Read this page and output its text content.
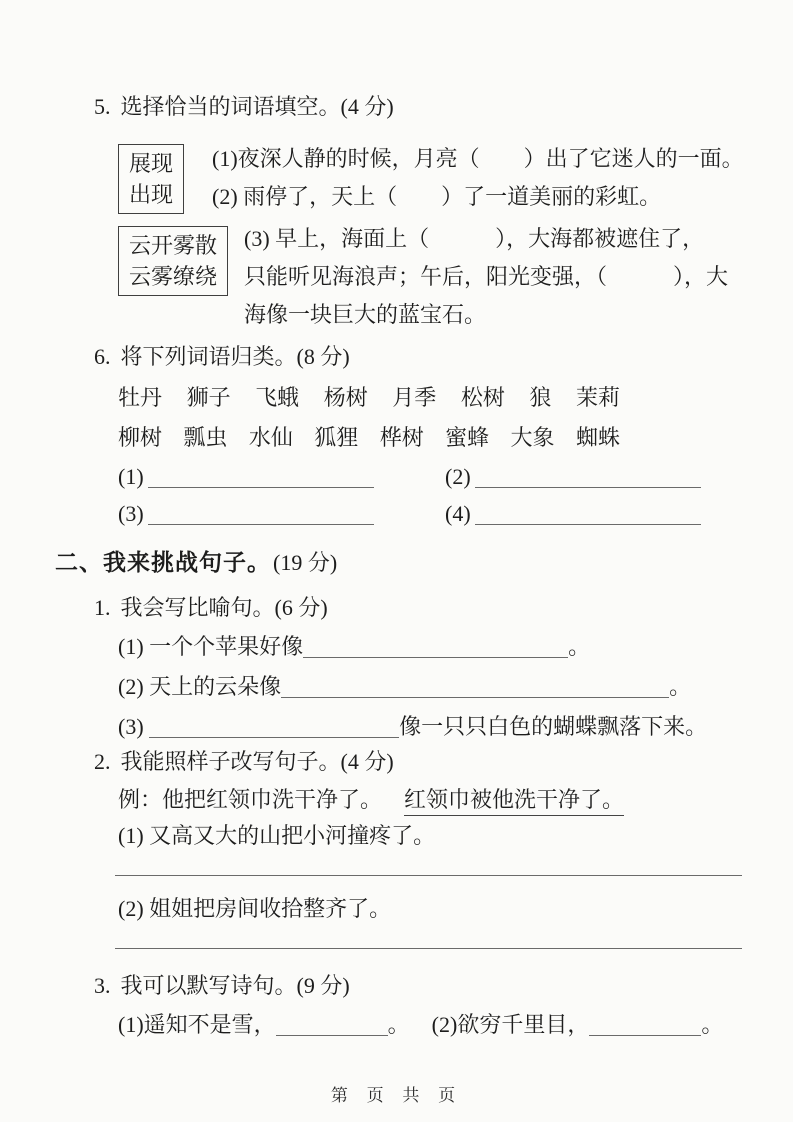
5. 选择恰当的词语填空。(4 分)
展现
出现
(1)夜深人静的时候，月亮（　　）出了它迷人的一面。
(2) 雨停了，天上（　　）了一道美丽的彩虹。
云开雾散
云雾缭绕
(3) 早上，海面上（　　　），大海都被遮住了，
只能听见海浪声；午后，阳光变强，（　　　），大
海像一块巨大的蓝宝石。
6. 将下列词语归类。(8 分)
牡丹 狮子 飞蛾 杨树 月季 松树 狼 茉莉
柳树 瓢虫 水仙 狐狸 桦树 蜜蜂 大象 蜘蛛
(1)	(2)
(3)	(4)
二、我来挑战句子。(19 分)
1. 我会写比喻句。(6 分)
(1) 一个个苹果好像	。
(2) 天上的云朵像	。
(3)	像一只只白色的蝴蝶飘落下来。
2. 我能照样子改写句子。(4 分)
例：他把红领巾洗干净了。 红领巾被他洗干净了。
(1) 又高又大的山把小河撞疼了。
(2) 姐姐把房间收拾整齐了。
3. 我可以默写诗句。(9 分)
(1)遥知不是雪，	。 (2)欲穷千里目，	。
第 页 共 页
